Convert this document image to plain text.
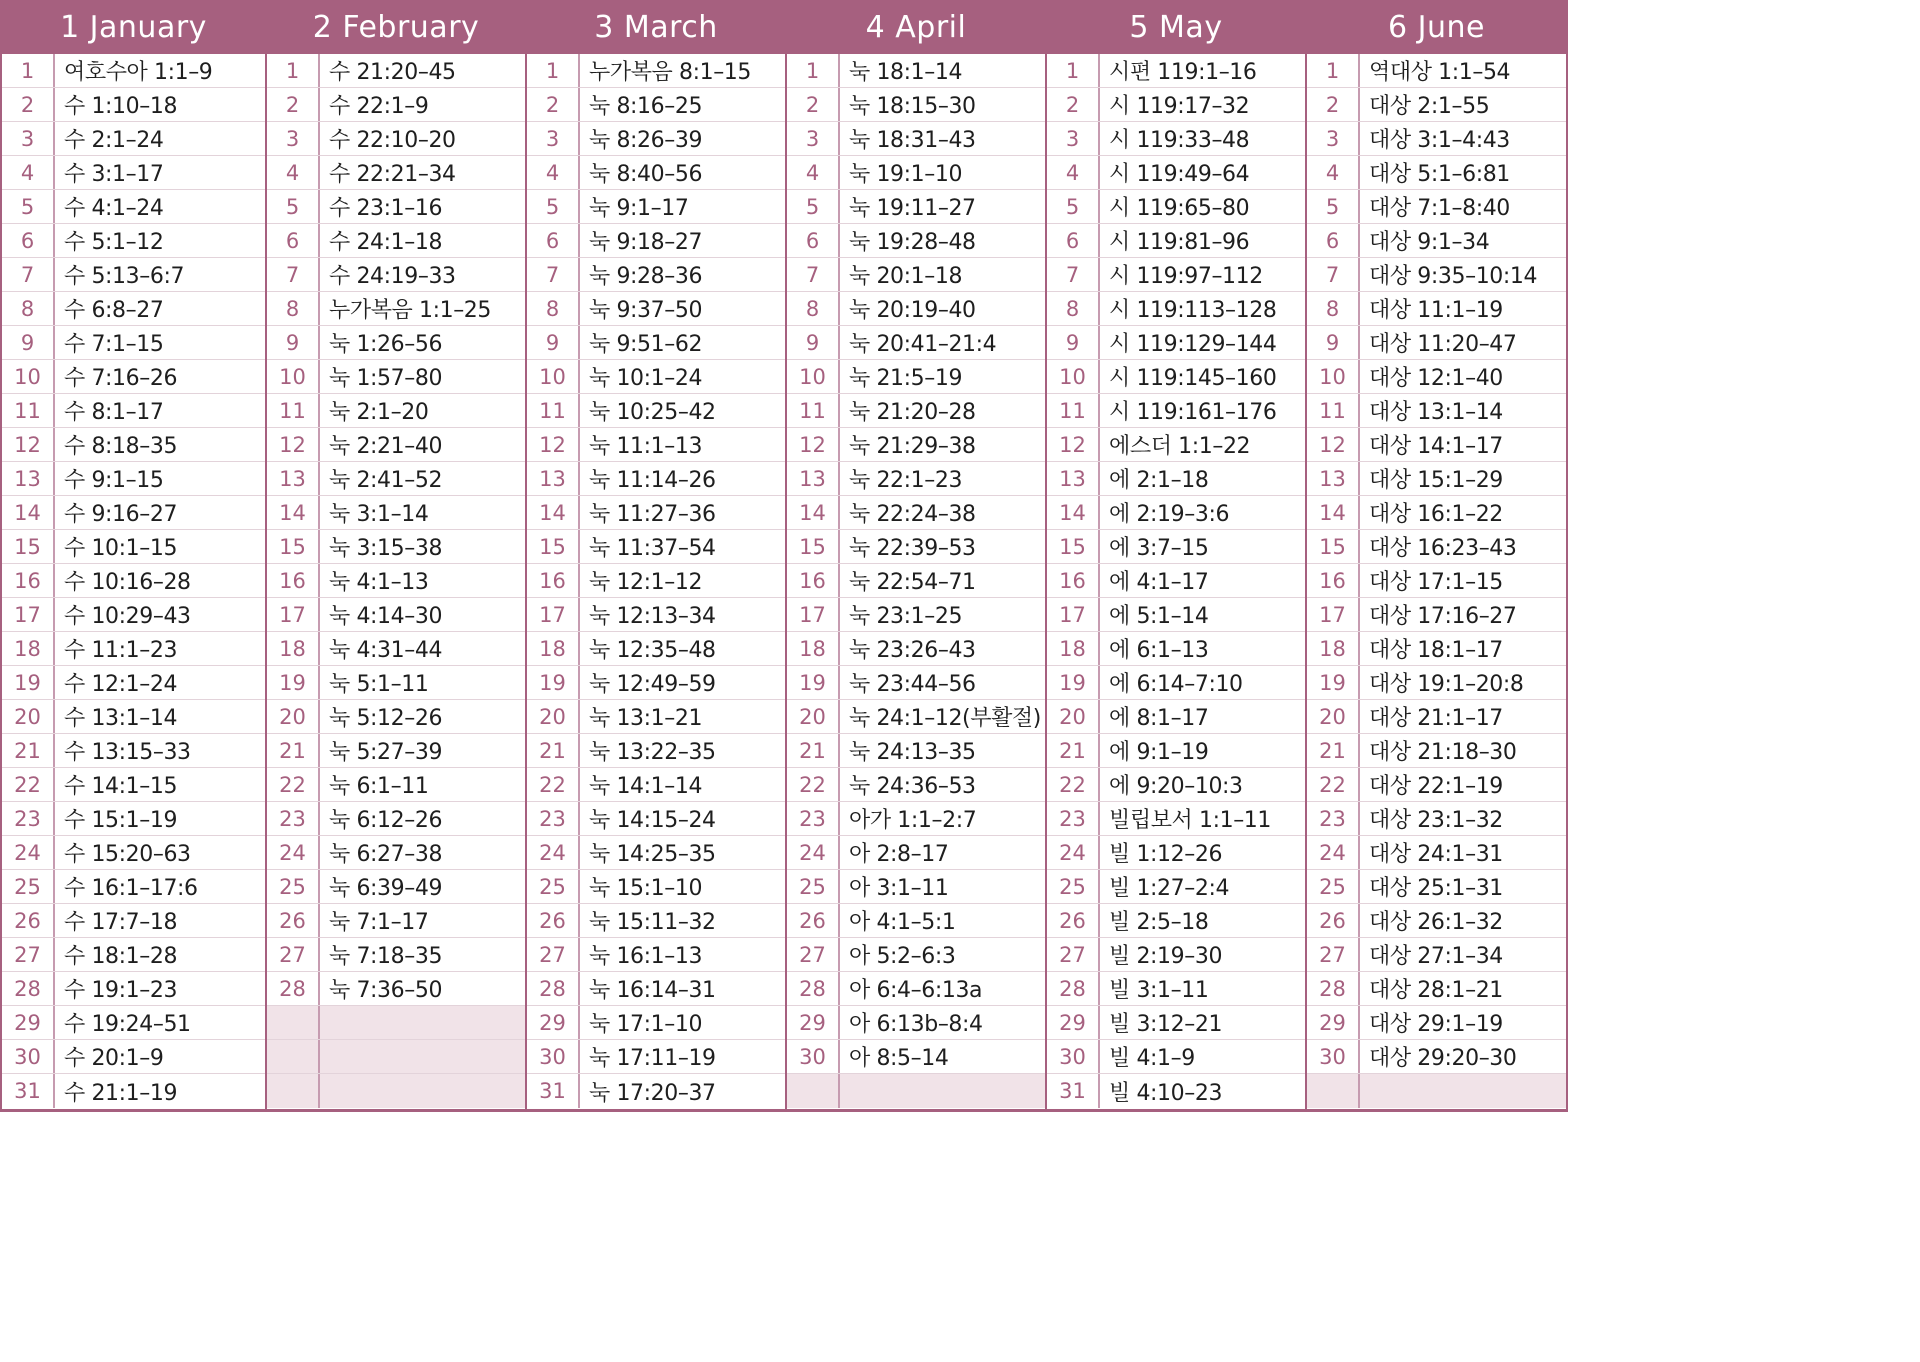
1 January
1	여호수아 1:1–9
2	수 1:10–18
3	수 2:1–24
4	수 3:1–17
5	수 4:1–24
6	수 5:1–12
7	수 5:13–6:7
8	수 6:8–27
9	수 7:1–15
10	수 7:16–26
11	수 8:1–17
12	수 8:18–35
13	수 9:1–15
14	수 9:16–27
15	수 10:1–15
16	수 10:16–28
17	수 10:29–43
18	수 11:1–23
19	수 12:1–24
20	수 13:1–14
21	수 13:15–33
22	수 14:1–15
23	수 15:1–19
24	수 15:20–63
25	수 16:1–17:6
26	수 17:7–18
27	수 18:1–28
28	수 19:1–23
29	수 19:24–51
30	수 20:1–9
31	수 21:1–19
2 February
1	수 21:20–45
2	수 22:1–9
3	수 22:10–20
4	수 22:21–34
5	수 23:1–16
6	수 24:1–18
7	수 24:19–33
8	누가복음 1:1–25
9	눅 1:26–56
10	눅 1:57–80
11	눅 2:1–20
12	눅 2:21–40
13	눅 2:41–52
14	눅 3:1–14
15	눅 3:15–38
16	눅 4:1–13
17	눅 4:14–30
18	눅 4:31–44
19	눅 5:1–11
20	눅 5:12–26
21	눅 5:27–39
22	눅 6:1–11
23	눅 6:12–26
24	눅 6:27–38
25	눅 6:39–49
26	눅 7:1–17
27	눅 7:18–35
28	눅 7:36–50
3 March
1	누가복음 8:1–15
2	눅 8:16–25
3	눅 8:26–39
4	눅 8:40–56
5	눅 9:1–17
6	눅 9:18–27
7	눅 9:28–36
8	눅 9:37–50
9	눅 9:51–62
10	눅 10:1–24
11	눅 10:25–42
12	눅 11:1–13
13	눅 11:14–26
14	눅 11:27–36
15	눅 11:37–54
16	눅 12:1–12
17	눅 12:13–34
18	눅 12:35–48
19	눅 12:49–59
20	눅 13:1–21
21	눅 13:22–35
22	눅 14:1–14
23	눅 14:15–24
24	눅 14:25–35
25	눅 15:1–10
26	눅 15:11–32
27	눅 16:1–13
28	눅 16:14–31
29	눅 17:1–10
30	눅 17:11–19
31	눅 17:20–37
4 April
1	눅 18:1–14
2	눅 18:15–30
3	눅 18:31–43
4	눅 19:1–10
5	눅 19:11–27
6	눅 19:28–48
7	눅 20:1–18
8	눅 20:19–40
9	눅 20:41–21:4
10	눅 21:5–19
11	눅 21:20–28
12	눅 21:29–38
13	눅 22:1–23
14	눅 22:24–38
15	눅 22:39–53
16	눅 22:54–71
17	눅 23:1–25
18	눅 23:26–43
19	눅 23:44–56
20	눅 24:1–12(부활절)
21	눅 24:13–35
22	눅 24:36–53
23	아가 1:1–2:7
24	아 2:8–17
25	아 3:1–11
26	아 4:1–5:1
27	아 5:2–6:3
28	아 6:4–6:13a
29	아 6:13b–8:4
30	아 8:5–14
5 May
1	시편 119:1–16
2	시 119:17–32
3	시 119:33–48
4	시 119:49–64
5	시 119:65–80
6	시 119:81–96
7	시 119:97–112
8	시 119:113–128
9	시 119:129–144
10	시 119:145–160
11	시 119:161–176
12	에스더 1:1–22
13	에 2:1–18
14	에 2:19–3:6
15	에 3:7–15
16	에 4:1–17
17	에 5:1–14
18	에 6:1–13
19	에 6:14–7:10
20	에 8:1–17
21	에 9:1–19
22	에 9:20–10:3
23	빌립보서 1:1–11
24	빌 1:12–26
25	빌 1:27–2:4
26	빌 2:5–18
27	빌 2:19–30
28	빌 3:1–11
29	빌 3:12–21
30	빌 4:1–9
31	빌 4:10–23
6 June
1	역대상 1:1–54
2	대상 2:1–55
3	대상 3:1–4:43
4	대상 5:1–6:81
5	대상 7:1–8:40
6	대상 9:1–34
7	대상 9:35–10:14
8	대상 11:1–19
9	대상 11:20–47
10	대상 12:1–40
11	대상 13:1–14
12	대상 14:1–17
13	대상 15:1–29
14	대상 16:1–22
15	대상 16:23–43
16	대상 17:1–15
17	대상 17:16–27
18	대상 18:1–17
19	대상 19:1–20:8
20	대상 21:1–17
21	대상 21:18–30
22	대상 22:1–19
23	대상 23:1–32
24	대상 24:1–31
25	대상 25:1–31
26	대상 26:1–32
27	대상 27:1–34
28	대상 28:1–21
29	대상 29:1–19
30	대상 29:20–30
